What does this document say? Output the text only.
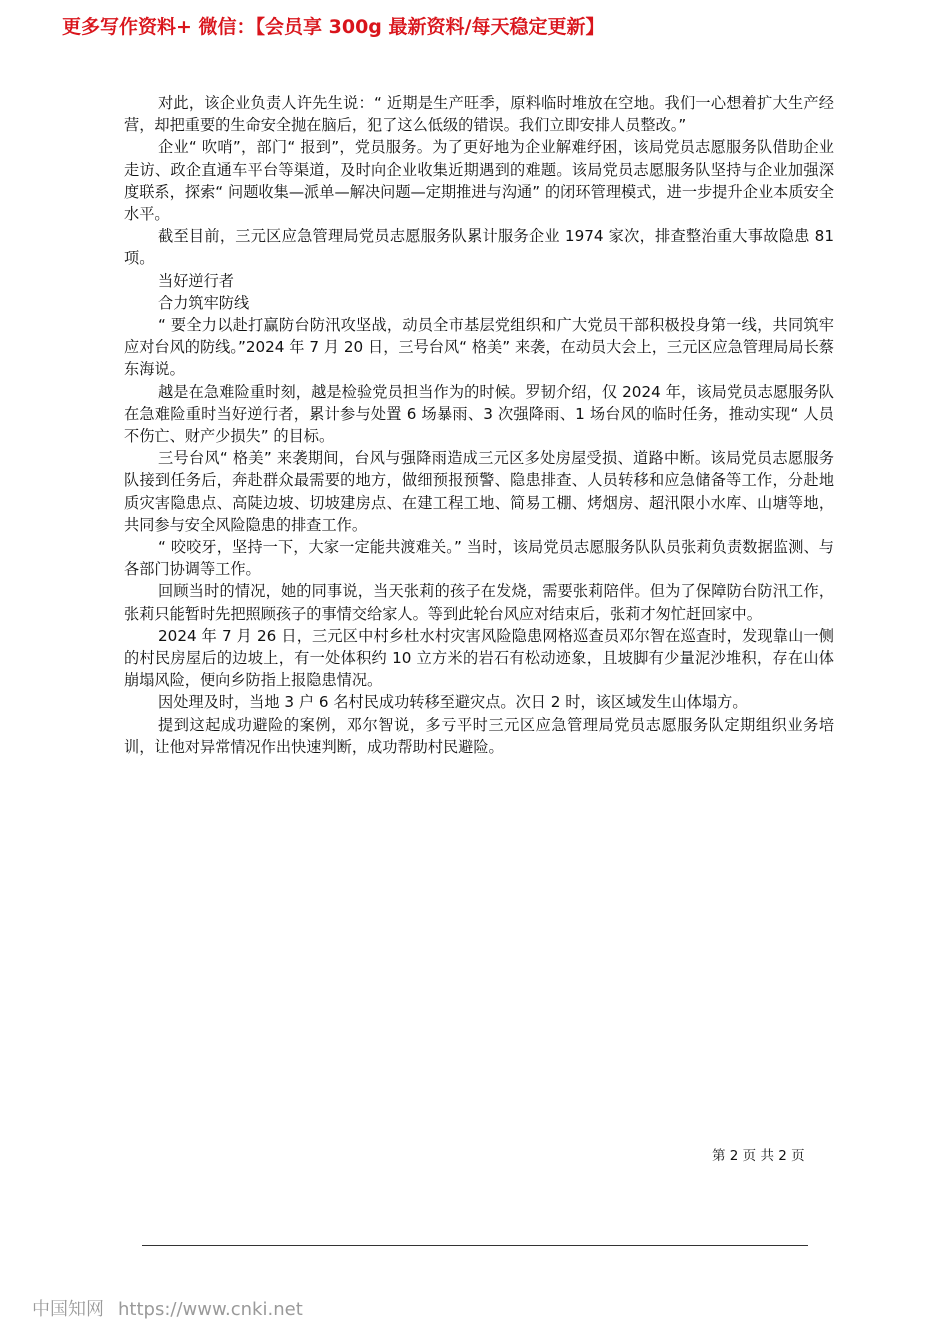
更多写作资料+ 微信：【会员享 300g 最新资料/每天稳定更新】

对此，该企业负责人许先生说：“ 近期是生产旺季，原料临时堆放在空地。我们一心想着扩大生产经营，却把重要的生命安全抛在脑后，犯了这么低级的错误。我们立即安排人员整改。”

企业“ 吹哨”，部门“ 报到”，党员服务。为了更好地为企业解难纾困，该局党员志愿服务队借助企业走访、政企直通车平台等渠道，及时向企业收集近期遇到的难题。该局党员志愿服务队坚持与企业加强深度联系，探索“ 问题收集—派单—解决问题—定期推进与沟通” 的闭环管理模式，进一步提升企业本质安全水平。

截至目前，三元区应急管理局党员志愿服务队累计服务企业 1974 家次，排查整治重大事故隐患 81 项。

当好逆行者

合力筑牢防线

“ 要全力以赴打赢防台防汛攻坚战，动员全市基层党组织和广大党员干部积极投身第一线，共同筑牢应对台风的防线。”2024 年 7 月 20 日，三号台风“ 格美” 来袭，在动员大会上，三元区应急管理局局长蔡东海说。

越是在急难险重时刻，越是检验党员担当作为的时候。罗韧介绍，仅 2024 年，该局党员志愿服务队在急难险重时当好逆行者，累计参与处置 6 场暴雨、3 次强降雨、1 场台风的临时任务，推动实现“ 人员不伤亡、财产少损失” 的目标。

三号台风“ 格美” 来袭期间，台风与强降雨造成三元区多处房屋受损、道路中断。该局党员志愿服务队接到任务后，奔赴群众最需要的地方，做细预报预警、隐患排查、人员转移和应急储备等工作，分赴地质灾害隐患点、高陡边坡、切坡建房点、在建工程工地、简易工棚、烤烟房、超汛限小水库、山塘等地，共同参与安全风险隐患的排查工作。

“ 咬咬牙，坚持一下，大家一定能共渡难关。” 当时，该局党员志愿服务队队员张莉负责数据监测、与各部门协调等工作。

回顾当时的情况，她的同事说，当天张莉的孩子在发烧，需要张莉陪伴。但为了保障防台防汛工作，张莉只能暂时先把照顾孩子的事情交给家人。等到此轮台风应对结束后，张莉才匆忙赶回家中。

2024 年 7 月 26 日，三元区中村乡杜水村灾害风险隐患网格巡查员邓尔智在巡查时，发现靠山一侧的村民房屋后的边坡上，有一处体积约 10 立方米的岩石有松动迹象，且坡脚有少量泥沙堆积，存在山体崩塌风险，便向乡防指上报隐患情况。

因处理及时，当地 3 户 6 名村民成功转移至避灾点。次日 2 时，该区域发生山体塌方。

提到这起成功避险的案例，邓尔智说，多亏平时三元区应急管理局党员志愿服务队定期组织业务培训，让他对异常情况作出快速判断，成功帮助村民避险。

第 2 页 共 2 页
中国知网 https://www.cnki.net
